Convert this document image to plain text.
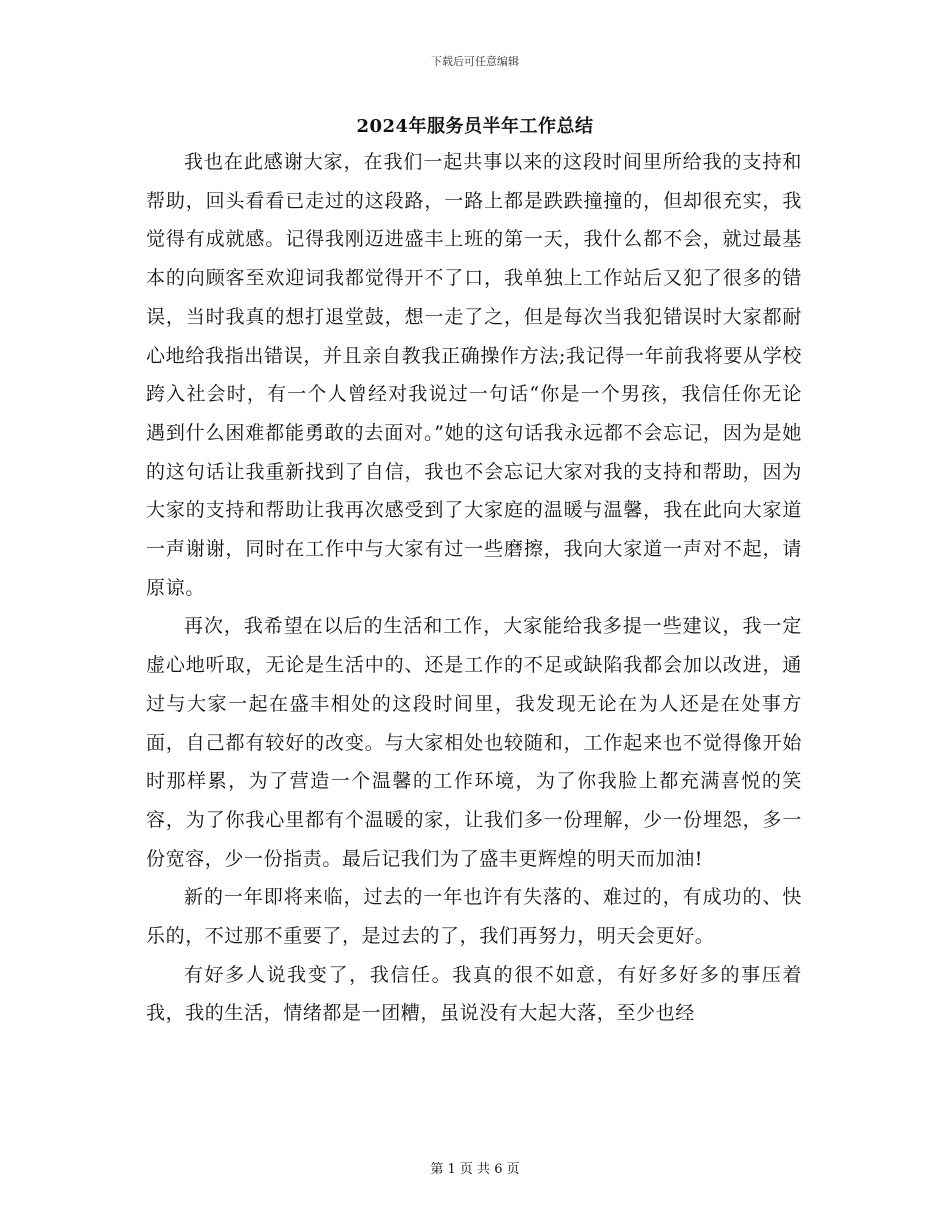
下载后可任意编辑
2024年服务员半年工作总结

我也在此感谢大家，在我们一起共事以来的这段时间里所给我的支持和帮助，回头看看已走过的这段路，一路上都是跌跌撞撞的，但却很充实，我觉得有成就感。记得我刚迈进盛丰上班的第一天，我什么都不会，就过最基本的向顾客至欢迎词我都觉得开不了口，我单独上工作站后又犯了很多的错误，当时我真的想打退堂鼓，想一走了之，但是每次当我犯错误时大家都耐心地给我指出错误，并且亲自教我正确操作方法;我记得一年前我将要从学校跨入社会时，有一个人曾经对我说过一句话“你是一个男孩，我信任你无论遇到什么困难都能勇敢的去面对。”她的这句话我永远都不会忘记，因为是她的这句话让我重新找到了自信，我也不会忘记大家对我的支持和帮助，因为大家的支持和帮助让我再次感受到了大家庭的温暖与温馨，我在此向大家道一声谢谢，同时在工作中与大家有过一些磨擦，我向大家道一声对不起，请原谅。

再次，我希望在以后的生活和工作，大家能给我多提一些建议，我一定虚心地听取，无论是生活中的、还是工作的不足或缺陷我都会加以改进，通过与大家一起在盛丰相处的这段时间里，我发现无论在为人还是在处事方面，自己都有较好的改变。与大家相处也较随和，工作起来也不觉得像开始时那样累，为了营造一个温馨的工作环境，为了你我脸上都充满喜悦的笑容，为了你我心里都有个温暖的家，让我们多一份理解，少一份埋怨，多一份宽容，少一份指责。最后记我们为了盛丰更辉煌的明天而加油!

新的一年即将来临，过去的一年也许有失落的、难过的，有成功的、快乐的，不过那不重要了，是过去的了，我们再努力，明天会更好。

有好多人说我变了，我信任。我真的很不如意，有好多好多的事压着我，我的生活，情绪都是一团糟，虽说没有大起大落，至少也经

第 1 页 共 6 页
